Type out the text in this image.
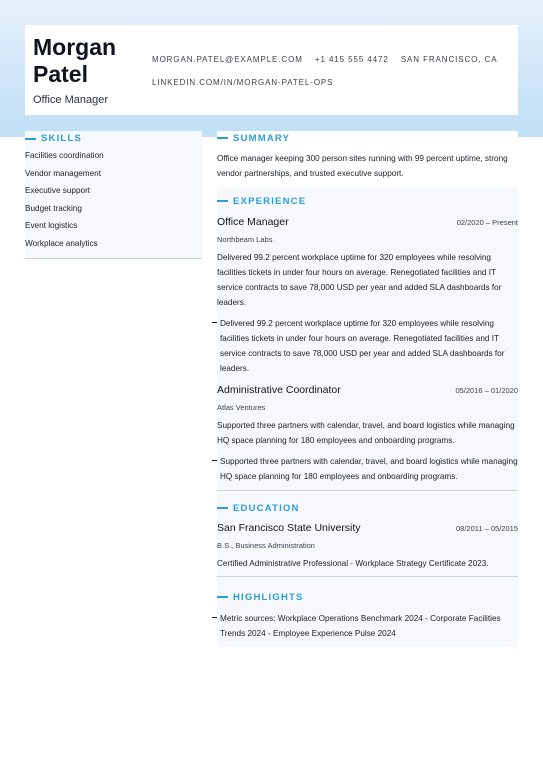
Morgan Patel
Office Manager
MORGAN.PATEL@EXAMPLE.COM +1 415 555 4472 SAN FRANCISCO, CA
LINKEDIN.COM/IN/MORGAN-PATEL-OPS
SKILLS
Facilities coordination
Vendor management
Executive support
Budget tracking
Event logistics
Workplace analytics
SUMMARY
Office manager keeping 300 person sites running with 99 percent uptime, strong vendor partnerships, and trusted executive support.
EXPERIENCE
Office Manager	02/2020 – Present
Northbeam Labs
Delivered 99.2 percent workplace uptime for 320 employees while resolving facilities tickets in under four hours on average. Renegotiated facilities and IT service contracts to save 78,000 USD per year and added SLA dashboards for leaders.
Delivered 99.2 percent workplace uptime for 320 employees while resolving facilities tickets in under four hours on average. Renegotiated facilities and IT service contracts to save 78,000 USD per year and added SLA dashboards for leaders.
Administrative Coordinator	05/2016 – 01/2020
Atlas Ventures
Supported three partners with calendar, travel, and board logistics while managing HQ space planning for 180 employees and onboarding programs.
Supported three partners with calendar, travel, and board logistics while managing HQ space planning for 180 employees and onboarding programs.
EDUCATION
San Francisco State University	08/2011 – 05/2015
B.S., Business Administration
Certified Administrative Professional - Workplace Strategy Certificate 2023.
HIGHLIGHTS
Metric sources: Workplace Operations Benchmark 2024 - Corporate Facilities Trends 2024 - Employee Experience Pulse 2024
